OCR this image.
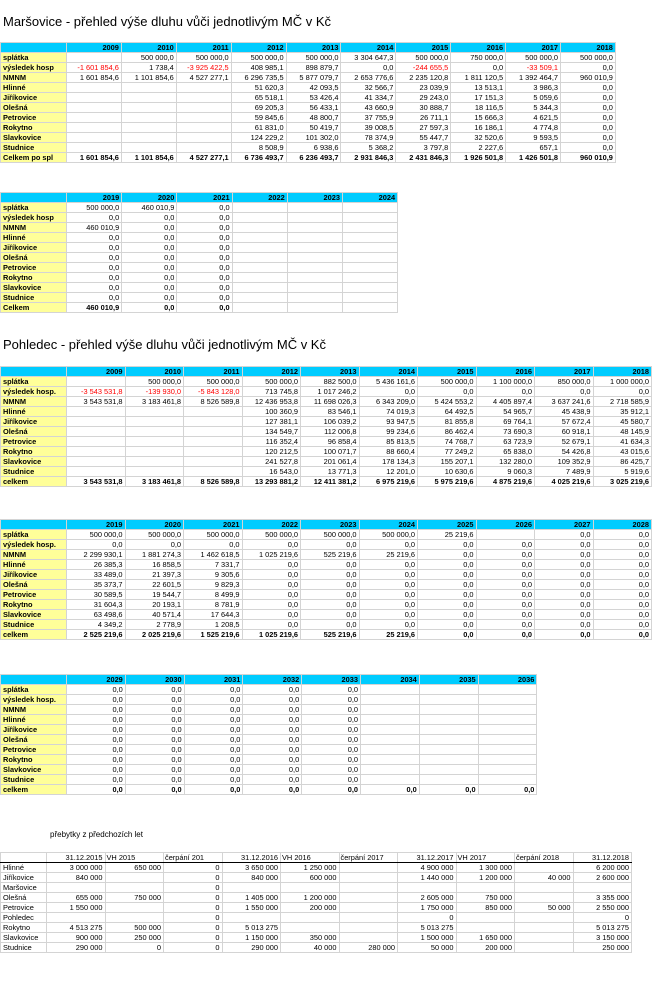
Maršovice - přehled výše dluhu vůči jednotlivým MČ v Kč
	2009	2010	2011	2012	2013	2014	2015	2016	2017	2018
splátka		500 000,0	500 000,0	500 000,0	500 000,0	3 304 647,3	500 000,0	750 000,0	500 000,0	500 000,0
výsledek hosp	-1 601 854,6	1 738,4	-3 925 422,5	408 985,1	898 879,7	0,0	-244 655,5	0,0	-33 509,1	0,0
NMNM	1 601 854,6	1 101 854,6	4 527 277,1	6 296 735,5	5 877 079,7	2 653 776,6	2 235 120,8	1 811 120,5	1 392 464,7	960 010,9
Hlinné				51 620,3	42 093,5	32 566,7	23 039,9	13 513,1	3 986,3	0,0
Jiříkovice				65 518,1	53 426,4	41 334,7	29 243,0	17 151,3	5 059,6	0,0
Olešná				69 205,3	56 433,1	43 660,9	30 888,7	18 116,5	5 344,3	0,0
Petrovice				59 845,6	48 800,7	37 755,9	26 711,1	15 666,3	4 621,5	0,0
Rokytno				61 831,0	50 419,7	39 008,5	27 597,3	16 186,1	4 774,8	0,0
Slavkovice				124 229,2	101 302,0	78 374,9	55 447,7	32 520,6	9 593,5	0,0
Studnice				8 508,9	6 938,6	5 368,2	3 797,8	2 227,6	657,1	0,0
Celkem po spl	1 601 854,6	1 101 854,6	4 527 277,1	6 736 493,7	6 236 493,7	2 931 846,3	2 431 846,3	1 926 501,8	1 426 501,8	960 010,9
	2019	2020	2021	2022	2023	2024
splátka	500 000,0	460 010,9	0,0			
výsledek hosp	0,0	0,0	0,0			
NMNM	460 010,9	0,0	0,0			
Hlinné	0,0	0,0	0,0			
Jiříkovice	0,0	0,0	0,0			
Olešná	0,0	0,0	0,0			
Petrovice	0,0	0,0	0,0			
Rokytno	0,0	0,0	0,0			
Slavkovice	0,0	0,0	0,0			
Studnice	0,0	0,0	0,0			
Celkem	460 010,9	0,0	0,0			
Pohledec - přehled výše dluhu vůči jednotlivým MČ v Kč
	2009	2010	2011	2012	2013	2014	2015	2016	2017	2018
splátka		500 000,0	500 000,0	500 000,0	882 500,0	5 436 161,6	500 000,0	1 100 000,0	850 000,0	1 000 000,0
výsledek hosp.	-3 543 531,8	-139 930,0	-5 843 128,0	713 745,8	1 017 246,2	0,0	0,0	0,0	0,0	0,0
NMNM	3 543 531,8	3 183 461,8	8 526 589,8	12 436 953,8	11 698 026,3	6 343 209,0	5 424 553,2	4 405 897,4	3 637 241,6	2 718 585,9
Hlinné				100 360,9	83 546,1	74 019,3	64 492,5	54 965,7	45 438,9	35 912,1
Jiříkovice				127 381,1	106 039,2	93 947,5	81 855,8	69 764,1	57 672,4	45 580,7
Olešná				134 549,7	112 006,8	99 234,6	86 462,4	73 690,3	60 918,1	48 145,9
Petrovice				116 352,4	96 858,4	85 813,5	74 768,7	63 723,9	52 679,1	41 634,3
Rokytno				120 212,5	100 071,7	88 660,4	77 249,2	65 838,0	54 426,8	43 015,6
Slavkovice				241 527,8	201 061,4	178 134,3	155 207,1	132 280,0	109 352,9	86 425,7
Studnice				16 543,0	13 771,3	12 201,0	10 630,6	9 060,3	7 489,9	5 919,6
celkem	3 543 531,8	3 183 461,8	8 526 589,8	13 293 881,2	12 411 381,2	6 975 219,6	5 975 219,6	4 875 219,6	4 025 219,6	3 025 219,6
	2019	2020	2021	2022	2023	2024	2025	2026	2027	2028
splátka	500 000,0	500 000,0	500 000,0	500 000,0	500 000,0	500 000,0	25 219,6		0,0	0,0
výsledek hosp.	0,0	0,0	0,0	0,0	0,0	0,0	0,0	0,0	0,0	0,0
NMNM	2 299 930,1	1 881 274,3	1 462 618,5	1 025 219,6	525 219,6	25 219,6	0,0	0,0	0,0	0,0
Hlinné	26 385,3	16 858,5	7 331,7	0,0	0,0	0,0	0,0	0,0	0,0	0,0
Jiříkovice	33 489,0	21 397,3	9 305,6	0,0	0,0	0,0	0,0	0,0	0,0	0,0
Olešná	35 373,7	22 601,5	9 829,3	0,0	0,0	0,0	0,0	0,0	0,0	0,0
Petrovice	30 589,5	19 544,7	8 499,9	0,0	0,0	0,0	0,0	0,0	0,0	0,0
Rokytno	31 604,3	20 193,1	8 781,9	0,0	0,0	0,0	0,0	0,0	0,0	0,0
Slavkovice	63 498,6	40 571,4	17 644,3	0,0	0,0	0,0	0,0	0,0	0,0	0,0
Studnice	4 349,2	2 778,9	1 208,5	0,0	0,0	0,0	0,0	0,0	0,0	0,0
celkem	2 525 219,6	2 025 219,6	1 525 219,6	1 025 219,6	525 219,6	25 219,6	0,0	0,0	0,0	0,0
	2029	2030	2031	2032	2033	2034	2035	2036
splátka	0,0	0,0	0,0	0,0	0,0			
výsledek hosp.	0,0	0,0	0,0	0,0	0,0			
NMNM	0,0	0,0	0,0	0,0	0,0			
Hlinné	0,0	0,0	0,0	0,0	0,0			
Jiříkovice	0,0	0,0	0,0	0,0	0,0			
Olešná	0,0	0,0	0,0	0,0	0,0			
Petrovice	0,0	0,0	0,0	0,0	0,0			
Rokytno	0,0	0,0	0,0	0,0	0,0			
Slavkovice	0,0	0,0	0,0	0,0	0,0			
Studnice	0,0	0,0	0,0	0,0	0,0			
celkem	0,0	0,0	0,0	0,0	0,0	0,0	0,0	0,0
přebytky z předchozích let
	31.12.2015	VH 2015	čerpání 201	31.12.2016	VH 2016	čerpání 2017	31.12.2017	VH 2017	čerpání 2018	31.12.2018
Hlinné	3 000 000	650 000	0	3 650 000	1 250 000		4 900 000	1 300 000		6 200 000
Jiříkovice	840 000		0	840 000	600 000		1 440 000	1 200 000	40 000	2 600 000
Maršovice			0							
Olešná	655 000	750 000	0	1 405 000	1 200 000		2 605 000	750 000		3 355 000
Petrovice	1 550 000		0	1 550 000	200 000		1 750 000	850 000	50 000	2 550 000
Pohledec			0				0			0
Rokytno	4 513 275	500 000	0	5 013 275			5 013 275			5 013 275
Slavkovice	900 000	250 000	0	1 150 000	350 000		1 500 000	1 650 000		3 150 000
Studnice	290 000	0	0	290 000	40 000	280 000	50 000	200 000		250 000
